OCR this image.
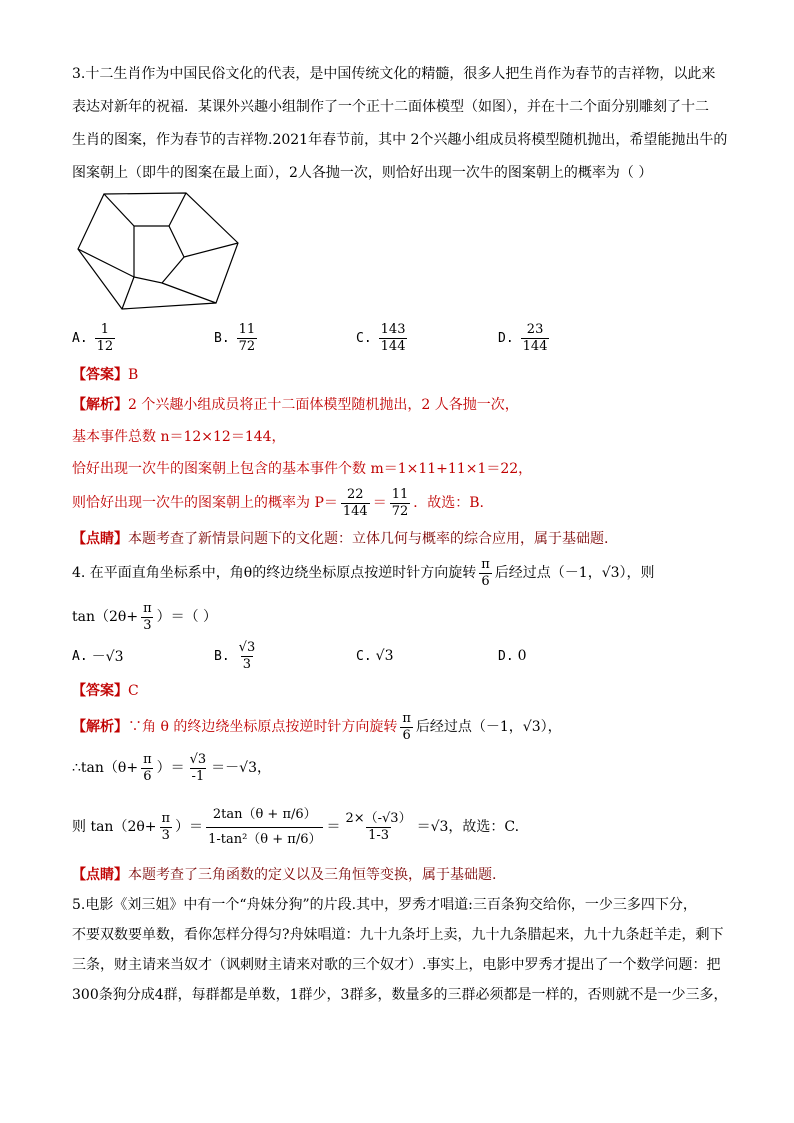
3.十二生肖作为中国民俗文化的代表，是中国传统文化的精髓，很多人把生肖作为春节的吉祥物，以此来
表达对新年的祝福．某课外兴趣小组制作了一个正十二面体模型（如图），并在十二个面分别雕刻了十二
生肖的图案，作为春节的吉祥物.2021年春节前，其中 2个兴趣小组成员将模型随机抛出，希望能抛出牛的
图案朝上（即牛的图案在最上面），2人各抛一次，则恰好出现一次牛的图案朝上的概率为（ ）
A. $\frac{1}{12}$	B. $\frac{11}{72}$	C. $\frac{143}{144}$	D. $\frac{23}{144}$
【答案】B
【解析】2 个兴趣小组成员将正十二面体模型随机抛出，2 人各抛一次，
基本事件总数 n＝12×12＝144，
恰好出现一次牛的图案朝上包含的基本事件个数 m＝1×11+11×1＝22，
则恰好出现一次牛的图案朝上的概率为 $P= \frac{22}{144} = \frac{11}{72}$ ．故选：B.
【点睛】本题考查了新情景问题下的文化题：立体几何与概率的综合应用，属于基础题.
4. 在平面直角坐标系中，角θ的终边绕坐标原点按逆时针方向旋转 $\frac{\pi}{6}$ 后经过点（－1，√3），则
$\tan(2\theta+ \frac{\pi}{3}$ ）＝（ ）
A. －√3	B. $\frac{√3}{3}$	C. √3	D. 0
【答案】C
【解析】 ∵角 θ 的终边绕坐标原点按逆时针方向旋转 $\frac{\pi}{6}$ 后经过点（－1，√3），
∴tan（θ+ $\frac{\pi}{6}$ ）＝ $\frac{√3}{-1} =-√3$，
则 $\tan(2\theta+ \frac{\pi}{3}$ ）＝ $\frac{2\tan(\theta + \pi/6)}{\text{1-tan²（θ + π/6）}} = \frac{2\times(-√3)}{1-3} =√3$，故选：C.
【点睛】本题考查了三角函数的定义以及三角恒等变换，属于基础题.
5.电影《刘三姐》中有一个“舟妹分狗”的片段.其中，罗秀才唱道:三百条狗交给你，一少三多四下分，
不要双数要单数，看你怎样分得匀?舟妹唱道：九十九条圩上卖，九十九条腊起来，九十九条赶羊走，剩下
三条，财主请来当奴才（讽刺财主请来对歌的三个奴才）.事实上，电影中罗秀才提出了一个数学问题：把
300条狗分成4群，每群都是单数，1群少，3群多，数量多的三群必须都是一样的，否则就不是一少三多，
